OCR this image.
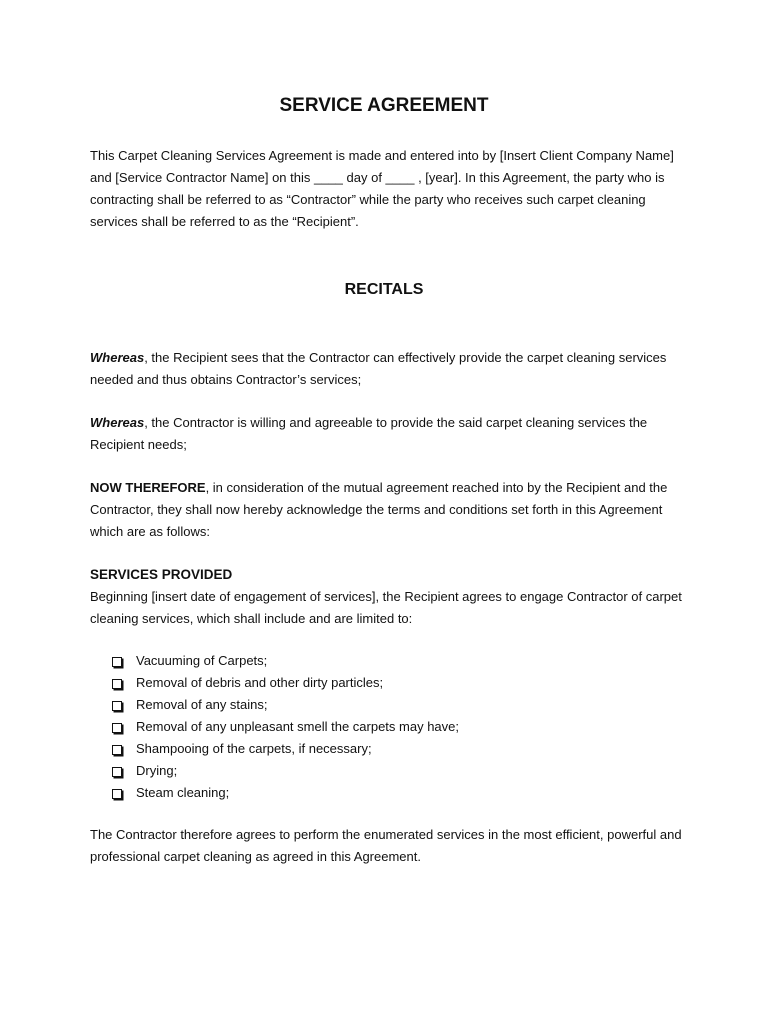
SERVICE AGREEMENT

This Carpet Cleaning Services Agreement is made and entered into by [Insert Client Company Name] and [Service Contractor Name] on this ____ day of ____ , [year]. In this Agreement, the party who is contracting shall be referred to as “Contractor” while the party who receives such carpet cleaning services shall be referred to as the “Recipient”.

RECITALS

Whereas, the Recipient sees that the Contractor can effectively provide the carpet cleaning services needed and thus obtains Contractor’s services;

Whereas, the Contractor is willing and agreeable to provide the said carpet cleaning services the Recipient needs;

NOW THEREFORE, in consideration of the mutual agreement reached into by the Recipient and the Contractor, they shall now hereby acknowledge the terms and conditions set forth in this Agreement which are as follows:

SERVICES PROVIDED

Beginning [insert date of engagement of services], the Recipient agrees to engage Contractor of carpet cleaning services, which shall include and are limited to:

Vacuuming of Carpets;
Removal of debris and other dirty particles;
Removal of any stains;
Removal of any unpleasant smell the carpets may have;
Shampooing of the carpets, if necessary;
Drying;
Steam cleaning;

The Contractor therefore agrees to perform the enumerated services in the most efficient, powerful and professional carpet cleaning as agreed in this Agreement.
